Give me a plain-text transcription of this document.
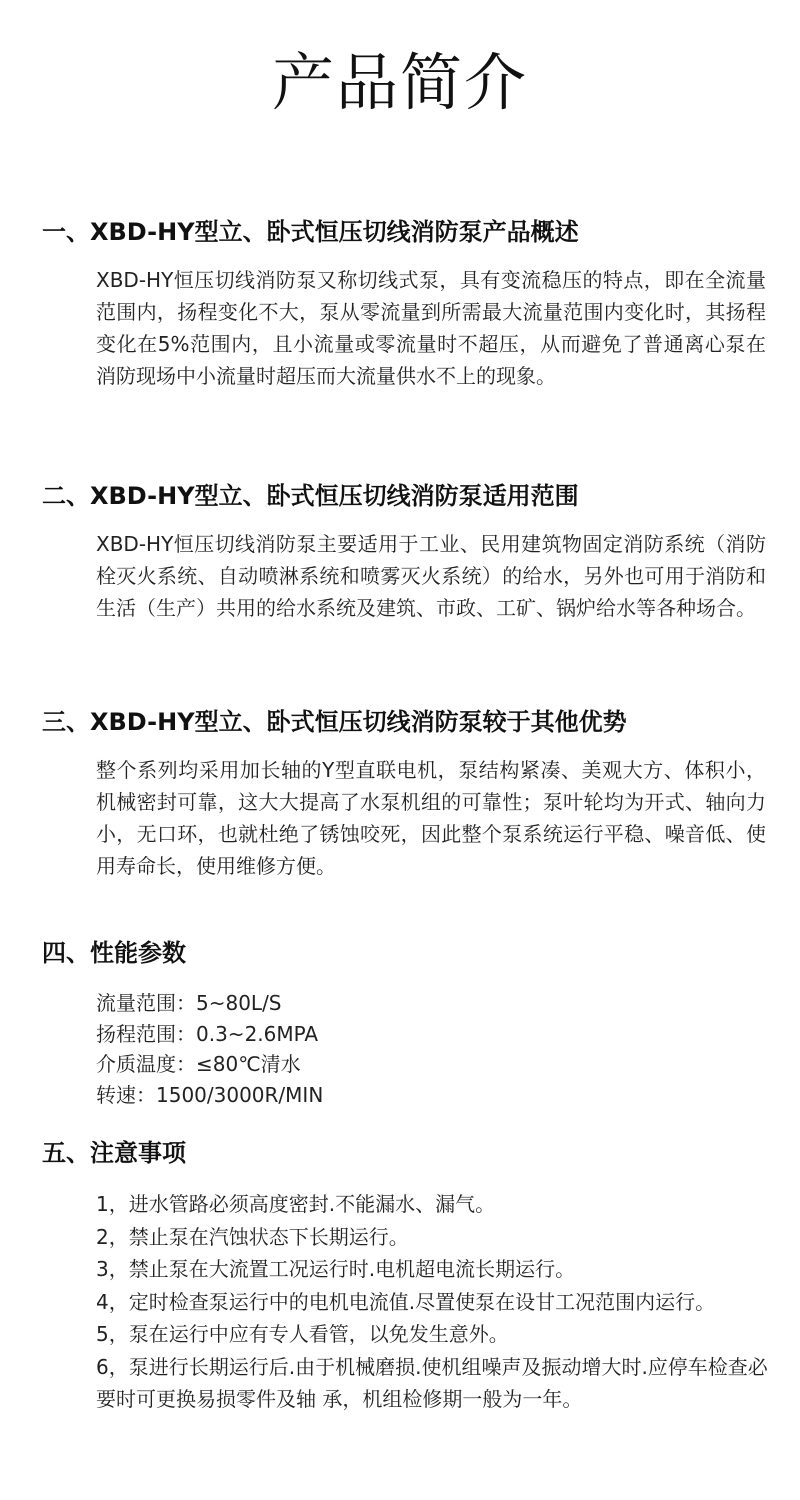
产品简介
一、XBD-HY型立、卧式恒压切线消防泵产品概述

XBD-HY恒压切线消防泵又称切线式泵，具有变流稳压的特点，即在全流量范围内，扬程变化不大，泵从零流量到所需最大流量范围内变化时，其扬程变化在5%范围内，且小流量或零流量时不超压，从而避免了普通离心泵在消防现场中小流量时超压而大流量供水不上的现象。

二、XBD-HY型立、卧式恒压切线消防泵适用范围

XBD-HY恒压切线消防泵主要适用于工业、民用建筑物固定消防系统（消防栓灭火系统、自动喷淋系统和喷雾灭火系统）的给水，另外也可用于消防和生活（生产）共用的给水系统及建筑、市政、工矿、锅炉给水等各种场合。

三、XBD-HY型立、卧式恒压切线消防泵较于其他优势

整个系列均采用加长轴的Y型直联电机，泵结构紧凑、美观大方、体积小，机械密封可靠，这大大提高了水泵机组的可靠性；泵叶轮均为开式、轴向力小，无口环，也就杜绝了锈蚀咬死，因此整个泵系统运行平稳、噪音低、使用寿命长，使用维修方便。

四、性能参数
流量范围：5~80L/S
扬程范围：0.3~2.6MPA
介质温度：≤80℃清水
转速：1500/3000R/MIN
五、注意事项
1，进水管路必须高度密封.不能漏水、漏气。
2，禁止泵在汽蚀状态下长期运行。
3，禁止泵在大流置工况运行时.电机超电流长期运行。
4，定时检查泵运行中的电机电流值.尽置使泵在设甘工况范围内运行。
5，泵在运行中应有专人看管，以免发生意外。
6，泵进行长期运行后.由于机械磨损.使机组噪声及振动增大时.应停车检查必要时可更换易损零件及轴 承，机组检修期一般为一年。
